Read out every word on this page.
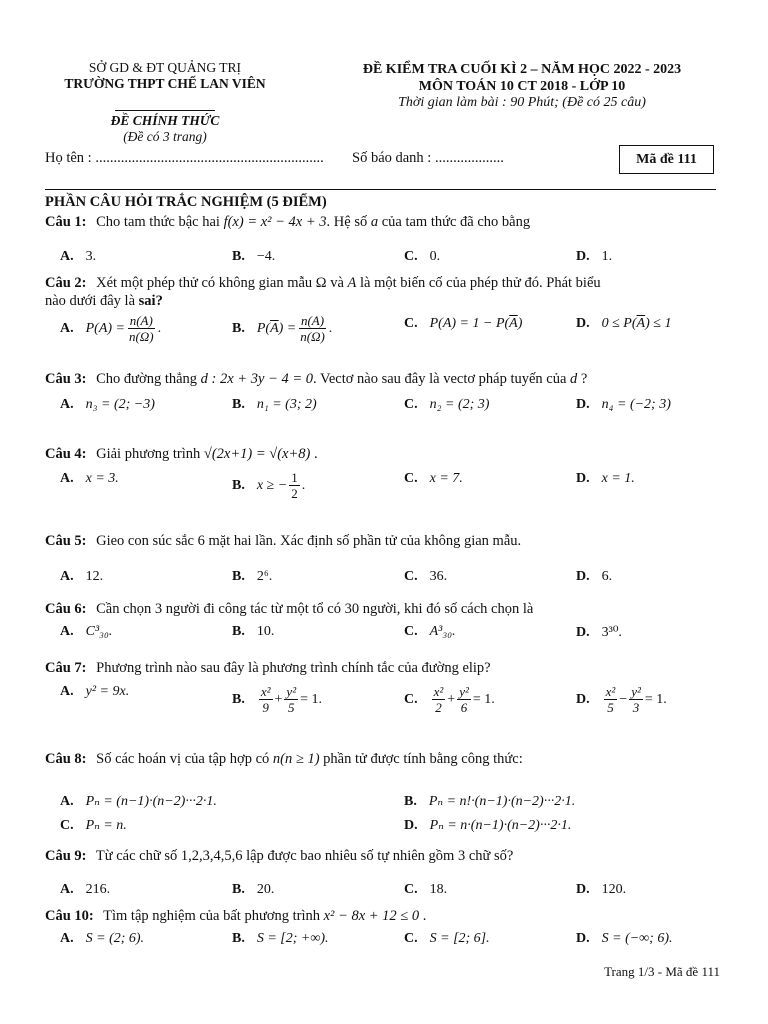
SỞ GD & ĐT QUẢNG TRỊ
TRƯỜNG THPT CHẾ LAN VIÊN
ĐỀ CHÍNH THỨC
(Đề có 3 trang)
ĐỀ KIỂM TRA CUỐI KÌ 2 – NĂM HỌC 2022 - 2023
MÔN TOÁN 10 CT 2018 - LỚP 10
Thời gian làm bài : 90 Phút; (Đề có 25 câu)
Họ tên : ............................................................... Số báo danh : ...................	Mã đề 111
PHẦN CÂU HỎI TRẮC NGHIỆM (5 ĐIỂM)
Câu 1: Cho tam thức bậc hai f(x) = x² − 4x + 3. Hệ số a của tam thức đã cho bằng
A. 3.	B. −4.	C. 0.	D. 1.
Câu 2: Xét một phép thử có không gian mẫu Ω và A là một biến cố của phép thử đó. Phát biểu
nào dưới đây là sai?
A. $P(A) = \frac{n(A)}{n(\Omega)}$ .	B. P( $\overline{A}$ ) = $\frac{n(A)}{n(\Omega)}$ .	C. P(A) = 1 − P( $\overline{A}$ )	D. 0 ≤ P( $\overline{A}$ ) ≤ 1
Câu 3: Cho đường thẳng d : 2x + 3y − 4 = 0. Vectơ nào sau đây là vectơ pháp tuyến của d ?
A. n₃ = (2; −3)	B. n₁ = (3; 2)	C. n₂ = (2; 3)	D. n₄ = (−2; 3)
Câu 4: Giải phương trình √(2x+1) = √(x+8) .
A. x = 3.	B. x ≥ − $\frac{1}{2}$ .	C. x = 7.	D. x = 1.
Câu 5: Gieo con súc sắc 6 mặt hai lần. Xác định số phần tử của không gian mẫu.
A. 12.	B. 2⁶.	C. 36.	D. 6.
Câu 6: Cần chọn 3 người đi công tác từ một tổ có 30 người, khi đó số cách chọn là
A. C³₃₀.	B. 10.	C. A³₃₀.	D. 3³⁰.
Câu 7: Phương trình nào sau đây là phương trình chính tắc của đường elip?
A. y² = 9x.	B. $\frac{\text{x²}}{9} + \frac{\text{y²}}{5} = 1$.	C. $\frac{\text{x²}}{2} + \frac{\text{y²}}{6} = 1$.	D. $\frac{\text{x²}}{5} - \frac{\text{y²}}{3} = 1$.
Câu 8: Số các hoán vị của tập hợp có n(n ≥ 1) phần tử được tính bằng công thức:
A. Pₙ = (n−1)·(n−2)···2·1.	B. Pₙ = n!·(n−1)·(n−2)···2·1.
C. Pₙ = n.	D. Pₙ = n·(n−1)·(n−2)···2·1.
Câu 9: Từ các chữ số 1,2,3,4,5,6 lập được bao nhiêu số tự nhiên gồm 3 chữ số?
A. 216.	B. 20.	C. 18.	D. 120.
Câu 10: Tìm tập nghiệm của bất phương trình x² − 8x + 12 ≤ 0 .
A. S = (2; 6).	B. S = [2; +∞).	C. S = [2; 6].	D. S = (−∞; 6).
Trang 1/3 - Mã đề 111
